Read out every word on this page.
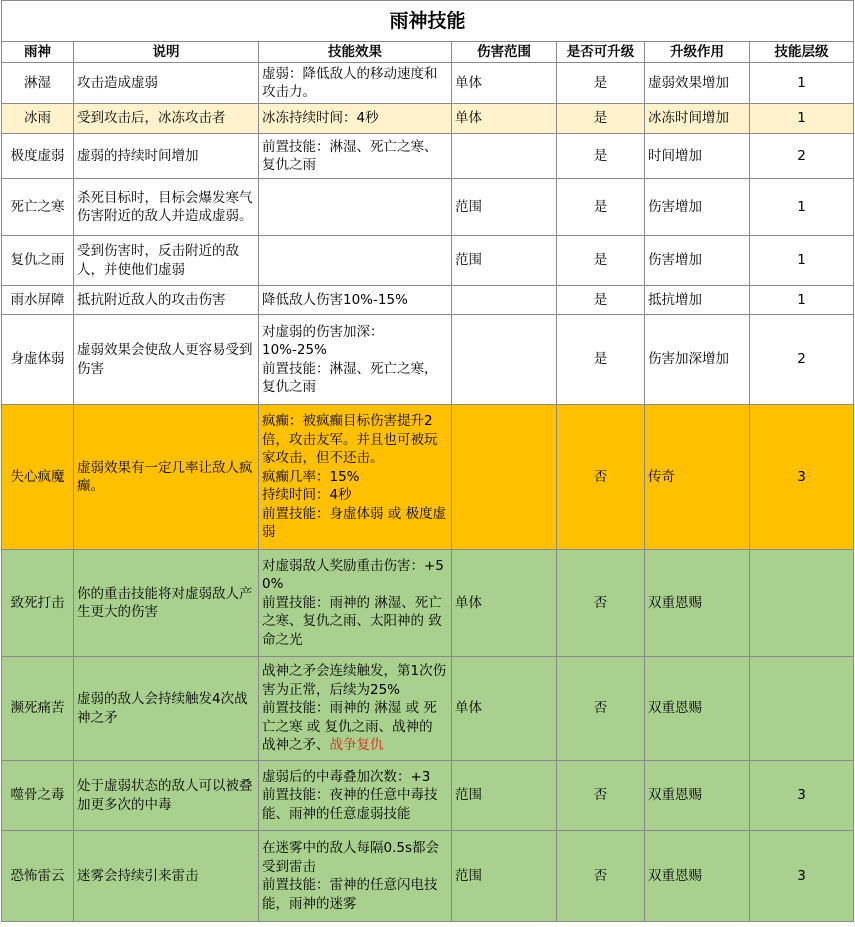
雨神技能						
雨神	说明	技能效果	伤害范围	是否可升级	升级作用	技能层级
淋湿	攻击造成虚弱	虚弱：降低敌人的移动速度和攻击力。	单体	是	虚弱效果增加	1
冰雨	受到攻击后，冰冻攻击者	冰冻持续时间：4秒	单体	是	冰冻时间增加	1
极度虚弱	虚弱的持续时间增加	前置技能：淋湿、死亡之寒、复仇之雨		是	时间增加	2
死亡之寒	杀死目标时，目标会爆发寒气伤害附近的敌人并造成虚弱。		范围	是	伤害增加	1
复仇之雨	受到伤害时，反击附近的敌人，并使他们虚弱		范围	是	伤害增加	1
雨水屏障	抵抗附近敌人的攻击伤害	降低敌人伤害10%-15%		是	抵抗增加	1
身虚体弱	虚弱效果会使敌人更容易受到伤害	对虚弱的伤害加深：
10%-25%
前置技能：淋湿、死亡之寒，复仇之雨		是	伤害加深增加	2
失心疯魔	虚弱效果有一定几率让敌人疯癫。	疯癫：被疯癫目标伤害提升2倍，攻击友军。并且也可被玩家攻击，但不还击。
疯癫几率：15%
持续时间：4秒
前置技能：身虚体弱 或 极度虚弱		否	传奇	3
致死打击	你的重击技能将对虚弱敌人产生更大的伤害	对虚弱敌人奖励重击伤害：+50%
前置技能：雨神的 淋湿、死亡之寒、复仇之雨、太阳神的 致命之光	单体	否	双重恩赐	
濒死痛苦	虚弱的敌人会持续触发4次战神之矛	战神之矛会连续触发，第1次伤害为正常，后续为25%
前置技能：雨神的 淋湿 或 死亡之寒 或 复仇之雨、战神的 战神之矛、战争复仇	单体	否	双重恩赐	
噬骨之毒	处于虚弱状态的敌人可以被叠加更多次的中毒	虚弱后的中毒叠加次数：+3
前置技能：夜神的任意中毒技能、雨神的任意虚弱技能	范围	否	双重恩赐	3
恐怖雷云	迷雾会持续引来雷击	在迷雾中的敌人每隔0.5s都会受到雷击
前置技能：雷神的任意闪电技能，雨神的迷雾	范围	否	双重恩赐	3
